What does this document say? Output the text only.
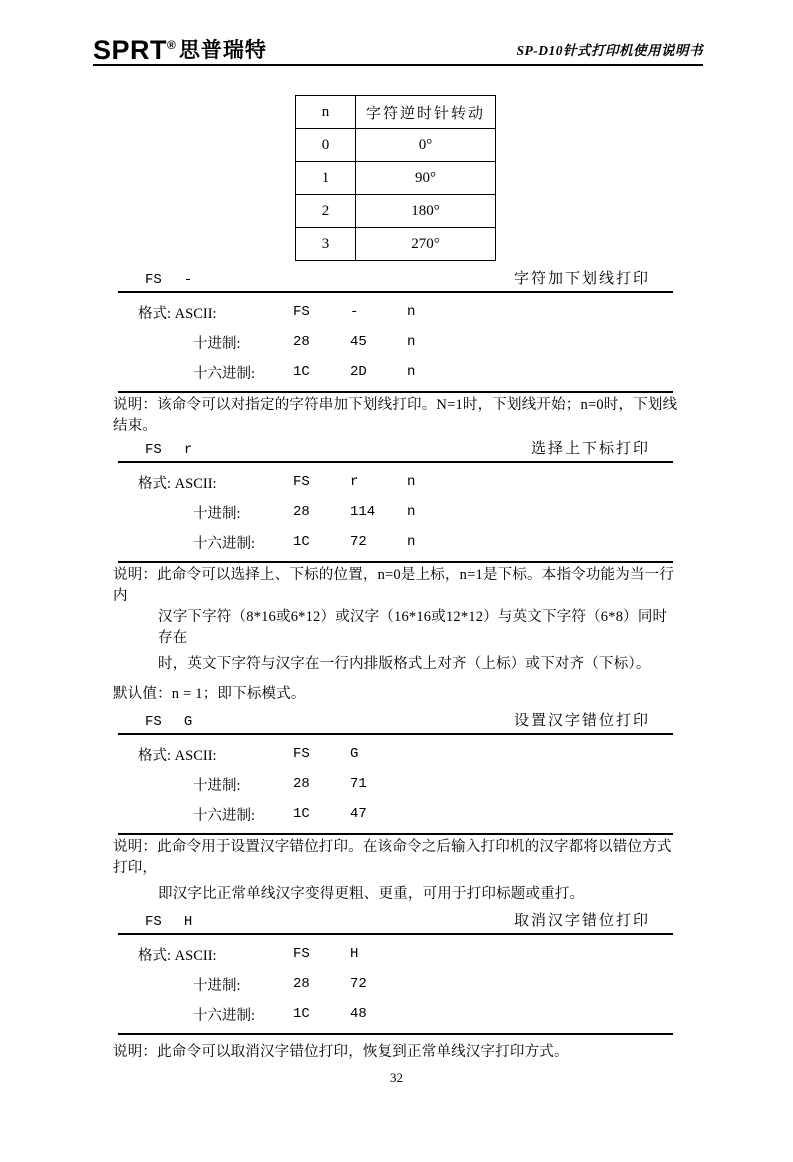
SPRT ® 思普瑞特	SP-D10针式打印机使用说明书
n	字符逆时针转动
0	0°
1	90°
2	180°
3	270°
FS -	字符加下划线打印
格式: ASCII:	FS	-	n
十进制:	28	45	n
十六进制:	1C	2D	n
说明：该命令可以对指定的字符串加下划线打印。N=1时，下划线开始；n=0时，下划线结束。
FS r	选择上下标打印
格式: ASCII:	FS	r	n
十进制:	28	114	n
十六进制:	1C	72	n
说明：此命令可以选择上、下标的位置，n=0是上标，n=1是下标。本指令功能为当一行内
汉字下字符（8*16或6*12）或汉字（16*16或12*12）与英文下字符（6*8）同时存在
时，英文下字符与汉字在一行内排版格式上对齐（上标）或下对齐（下标）。
默认值：n = 1；即下标模式。
FS G	设置汉字错位打印
格式: ASCII:	FS	G
十进制:	28	71
十六进制:	1C	47
说明：此命令用于设置汉字错位打印。在该命令之后输入打印机的汉字都将以错位方式打印，
即汉字比正常单线汉字变得更粗、更重，可用于打印标题或重打。
FS H	取消汉字错位打印
格式: ASCII:	FS	H
十进制:	28	72
十六进制:	1C	48
说明：此命令可以取消汉字错位打印，恢复到正常单线汉字打印方式。
32
